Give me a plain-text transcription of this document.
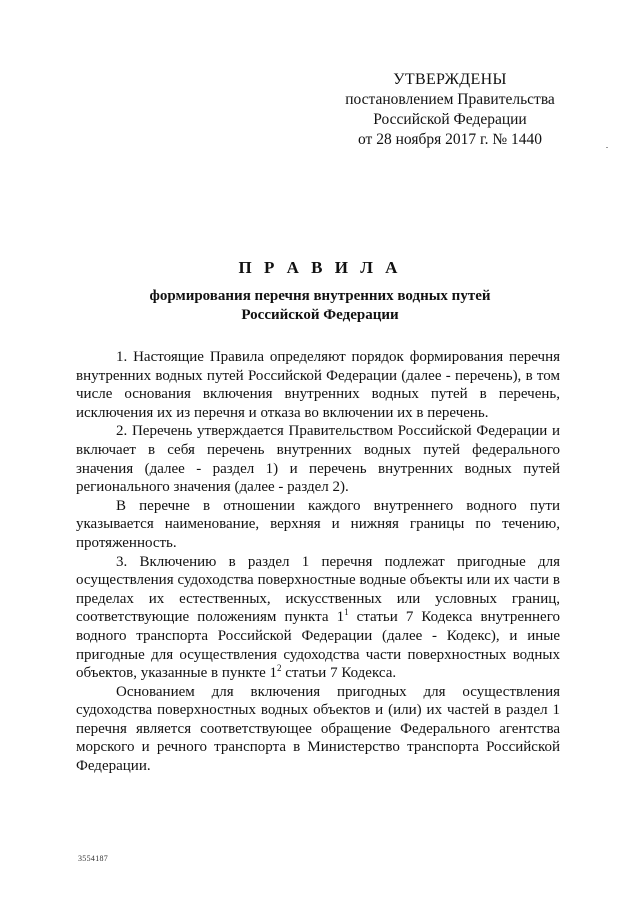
УТВЕРЖДЕНЫ
постановлением Правительства
Российской Федерации
от 28 ноября 2017 г. № 1440
П Р А В И Л А
формирования перечня внутренних водных путей
Российской Федерации

1. Настоящие Правила определяют порядок формирования перечня внутренних водных путей Российской Федерации (далее - перечень), в том числе основания включения внутренних водных путей в перечень, исключения их из перечня и отказа во включении их в перечень.

2. Перечень утверждается Правительством Российской Федерации и включает в себя перечень внутренних водных путей федерального значения (далее - раздел 1) и перечень внутренних водных путей регионального значения (далее - раздел 2).

В перечне в отношении каждого внутреннего водного пути указывается наименование, верхняя и нижняя границы по течению, протяженность.

3. Включению в раздел 1 перечня подлежат пригодные для осуществления судоходства поверхностные водные объекты или их части в пределах их естественных, искусственных или условных границ, соответствующие положениям пункта $1^1$ статьи 7 Кодекса внутреннего водного транспорта Российской Федерации (далее - Кодекс), и иные пригодные для осуществления судоходства части поверхностных водных объектов, указанные в пункте $1^2$ статьи 7 Кодекса.

Основанием для включения пригодных для осуществления судоходства поверхностных водных объектов и (или) их частей в раздел 1 перечня является соответствующее обращение Федерального агентства морского и речного транспорта в Министерство транспорта Российской Федерации.

3554187
